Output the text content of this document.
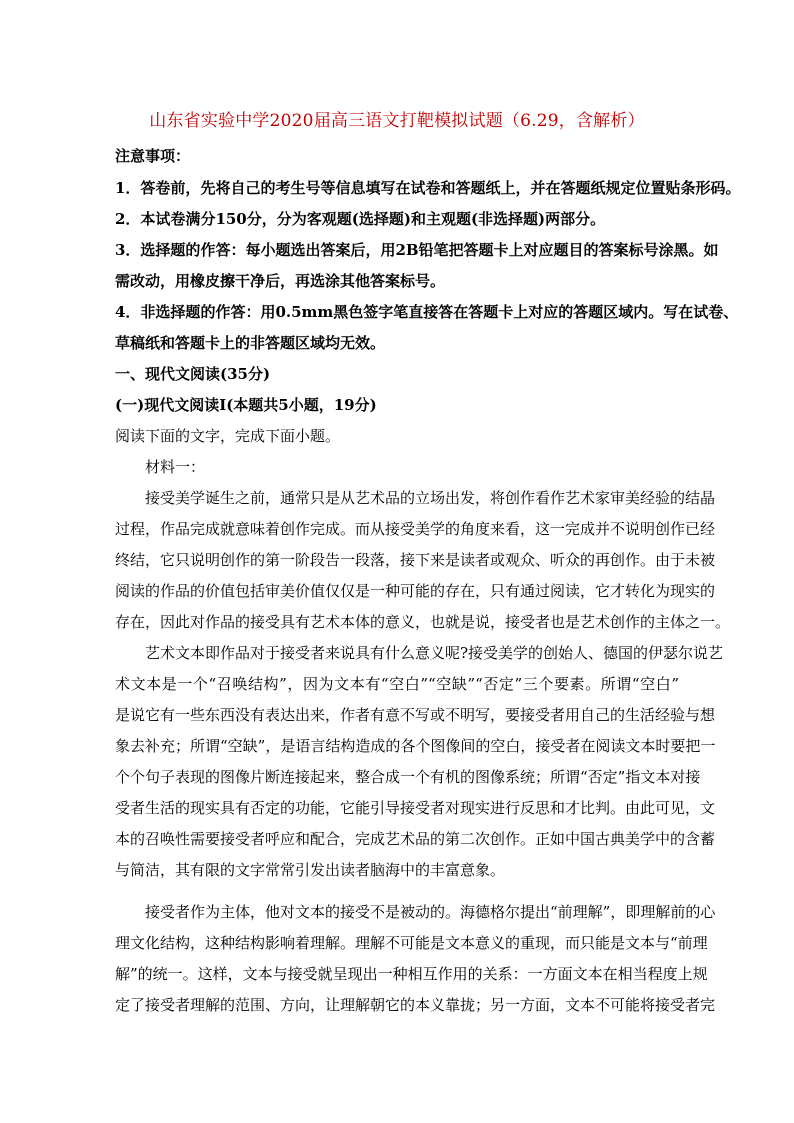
山东省实验中学2020届高三语文打靶模拟试题（6.29，含解析）
注意事项：
1．答卷前，先将自己的考生号等信息填写在试卷和答题纸上，并在答题纸规定位置贴条形码。
2．本试卷满分150分，分为客观题(选择题)和主观题(非选择题)两部分。
3．选择题的作答：每小题选出答案后，用2B铅笔把答题卡上对应题目的答案标号涂黑。如
需改动，用橡皮擦干净后，再选涂其他答案标号。
4．非选择题的作答：用0.5mm黑色签字笔直接答在答题卡上对应的答题区域内。写在试卷、
草稿纸和答题卡上的非答题区域均无效。
一、现代文阅读(35分)
(一)现代文阅读Ⅰ(本题共5小题，19分)
阅读下面的文字，完成下面小题。
材料一：
接受美学诞生之前，通常只是从艺术品的立场出发，将创作看作艺术家审美经验的结晶
过程，作品完成就意味着创作完成。而从接受美学的角度来看，这一完成并不说明创作已经
终结，它只说明创作的第一阶段告一段落，接下来是读者或观众、听众的再创作。由于未被
阅读的作品的价值包括审美价值仅仅是一种可能的存在，只有通过阅读，它才转化为现实的
存在，因此对作品的接受具有艺术本体的意义，也就是说，接受者也是艺术创作的主体之一。
艺术文本即作品对于接受者来说具有什么意义呢?接受美学的创始人、德国的伊瑟尔说艺
术文本是一个“召唤结构”，因为文本有“空白”“空缺”“否定”三个要素。所谓“空白”
是说它有一些东西没有表达出来，作者有意不写或不明写，要接受者用自己的生活经验与想
象去补充；所谓“空缺”，是语言结构造成的各个图像间的空白，接受者在阅读文本时要把一
个个句子表现的图像片断连接起来，整合成一个有机的图像系统；所谓“否定”指文本对接
受者生活的现实具有否定的功能，它能引导接受者对现实进行反思和才比判。由此可见，文
本的召唤性需要接受者呼应和配合，完成艺术品的第二次创作。正如中国古典美学中的含蓄
与简洁，其有限的文字常常引发出读者脑海中的丰富意象。
接受者作为主体，他对文本的接受不是被动的。海德格尔提出“前理解”，即理解前的心
理文化结构，这种结构影响着理解。理解不可能是文本意义的重现，而只能是文本与“前理
解”的统一。这样，文本与接受就呈现出一种相互作用的关系：一方面文本在相当程度上规
定了接受者理解的范围、方向，让理解朝它的本义靠拢；另一方面，文本不可能将接受者完
